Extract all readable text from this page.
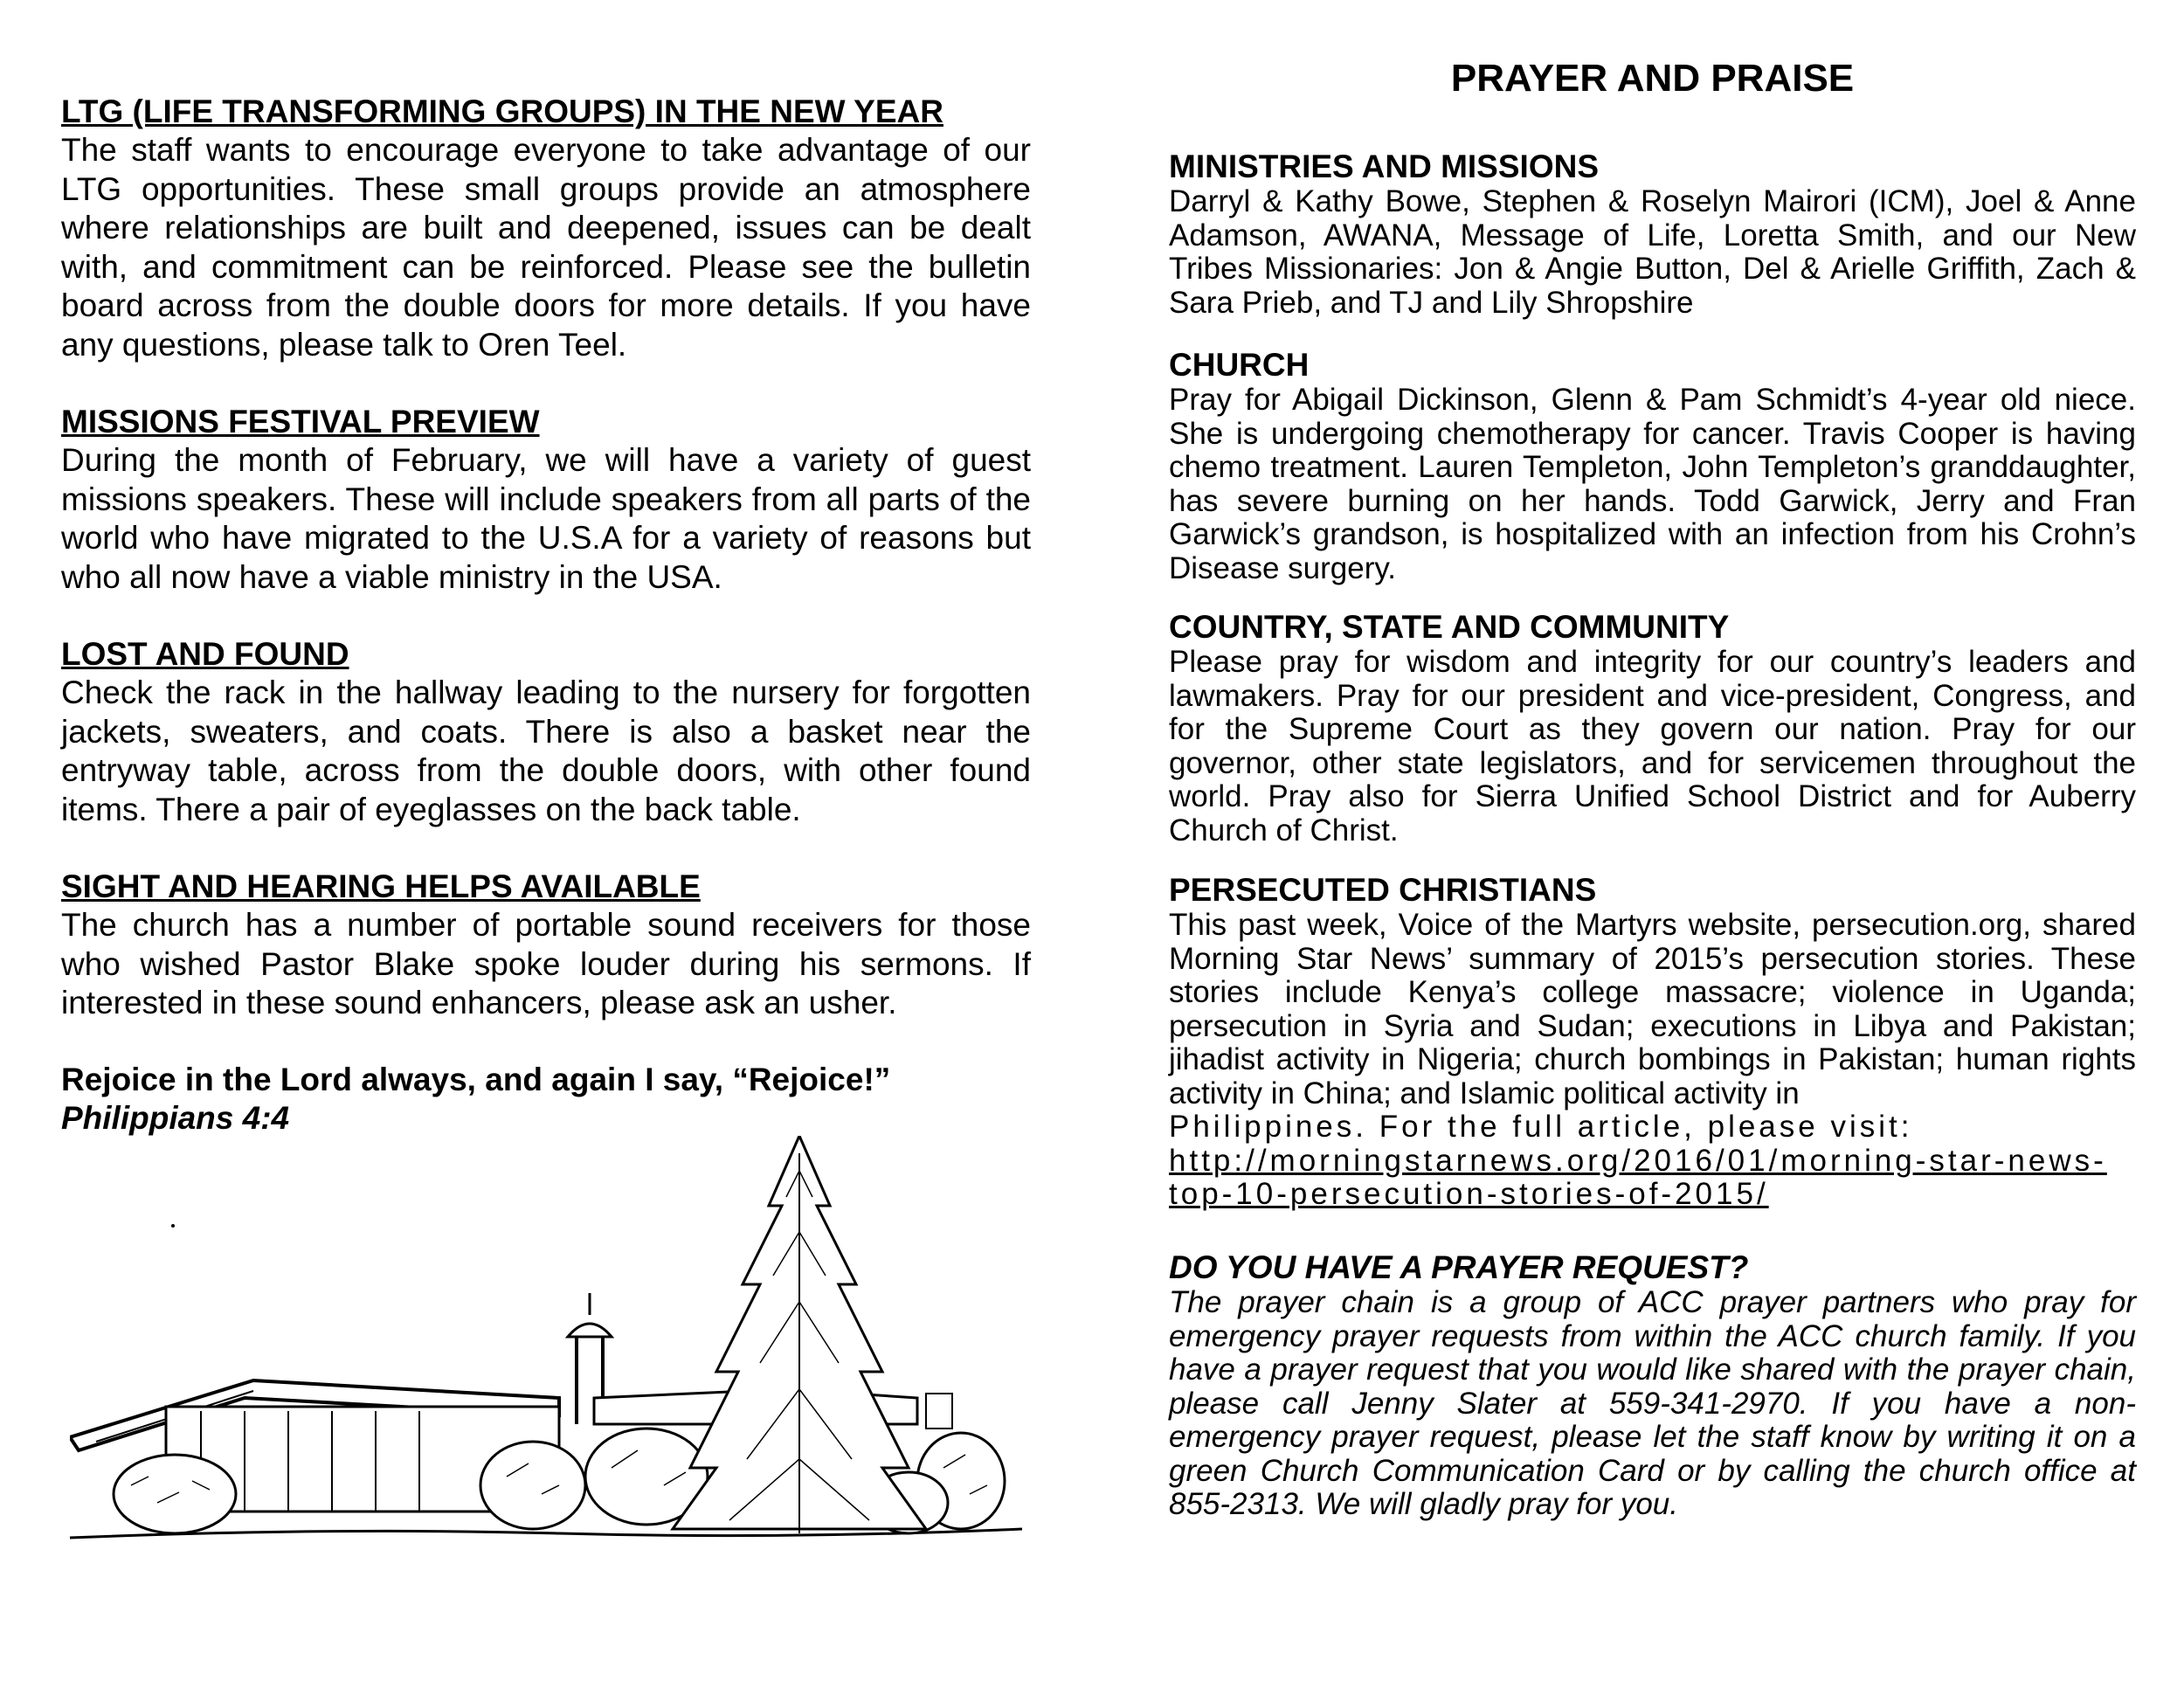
LTG (LIFE TRANSFORMING GROUPS) IN THE NEW YEAR

The staff wants to encourage everyone to take advantage of our LTG opportunities. These small groups provide an atmosphere where relationships are built and deepened, issues can be dealt with, and commitment can be reinforced. Please see the bulletin board across from the double doors for more details. If you have any questions, please talk to Oren Teel.

MISSIONS FESTIVAL PREVIEW

During the month of February, we will have a variety of guest missions speakers. These will include speakers from all parts of the world who have migrated to the U.S.A for a variety of reasons but who all now have a viable ministry in the USA.

LOST AND FOUND

Check the rack in the hallway leading to the nursery for forgotten jackets, sweaters, and coats. There is also a basket near the entryway table, across from the double doors, with other found items. There a pair of eyeglasses on the back table.

SIGHT AND HEARING HELPS AVAILABLE

The church has a number of portable sound receivers for those who wished Pastor Blake spoke louder during his sermons. If interested in these sound enhancers, please ask an usher.

Rejoice in the Lord always, and again I say, “Rejoice!”

Philippians 4:4

PRAYER AND PRAISE

MINISTRIES AND MISSIONS

Darryl & Kathy Bowe, Stephen & Roselyn Mairori (ICM), Joel & Anne Adamson, AWANA, Message of Life, Loretta Smith, and our New Tribes Missionaries: Jon & Angie Button, Del & Arielle Griffith, Zach & Sara Prieb, and TJ and Lily Shropshire

CHURCH

Pray for Abigail Dickinson, Glenn & Pam Schmidt’s 4-year old niece. She is undergoing chemotherapy for cancer. Travis Cooper is having chemo treatment. Lauren Templeton, John Templeton’s granddaughter, has severe burning on her hands. Todd Garwick, Jerry and Fran Garwick’s grandson, is hospitalized with an infection from his Crohn’s Disease surgery.

COUNTRY, STATE AND COMMUNITY

Please pray for wisdom and integrity for our country’s leaders and lawmakers. Pray for our president and vice-president, Congress, and for the Supreme Court as they govern our nation. Pray for our governor, other state legislators, and for servicemen throughout the world. Pray also for Sierra Unified School District and for Auberry Church of Christ.

PERSECUTED CHRISTIANS

This past week, Voice of the Martyrs website, persecution.org, shared Morning Star News’ summary of 2015’s persecution stories. These stories include Kenya’s college massacre; violence in Uganda; persecution in Syria and Sudan; executions in Libya and Pakistan; jihadist activity in Nigeria; church bombings in Pakistan; human rights activity in China; and Islamic political activity in

Philippines. For the full article, please visit: http://morningstarnews.org/2016/01/morning-star-news-top-10-persecution-stories-of-2015/

DO YOU HAVE A PRAYER REQUEST?

The prayer chain is a group of ACC prayer partners who pray for emergency prayer requests from within the ACC church family. If you have a prayer request that you would like shared with the prayer chain, please call Jenny Slater at 559-341-2970. If you have a non-emergency prayer request, please let the staff know by writing it on a green Church Communication Card or by calling the church office at 855-2313. We will gladly pray for you.
